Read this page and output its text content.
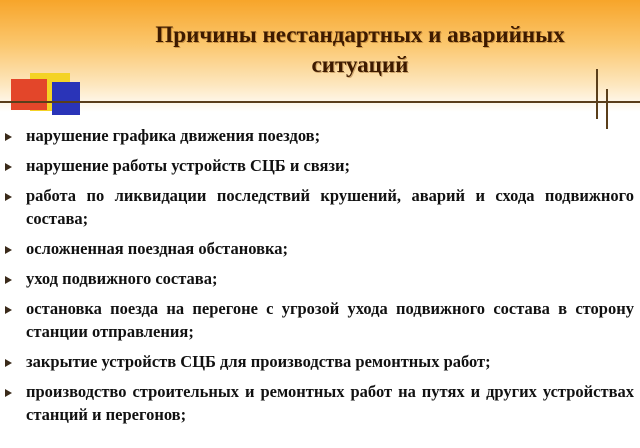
Причины нестандартных и аварийных
ситуаций
нарушение графика движения поездов;
нарушение работы устройств СЦБ и связи;
работа по ликвидации последствий крушений, аварий и схода подвижного состава;
осложненная поездная обстановка;
уход подвижного состава;
остановка поезда на перегоне с угрозой ухода подвижного состава в сторону станции отправления;
закрытие устройств СЦБ для производства ремонтных работ;
производство строительных и ремонтных работ на путях и других устройствах станций и перегонов;
